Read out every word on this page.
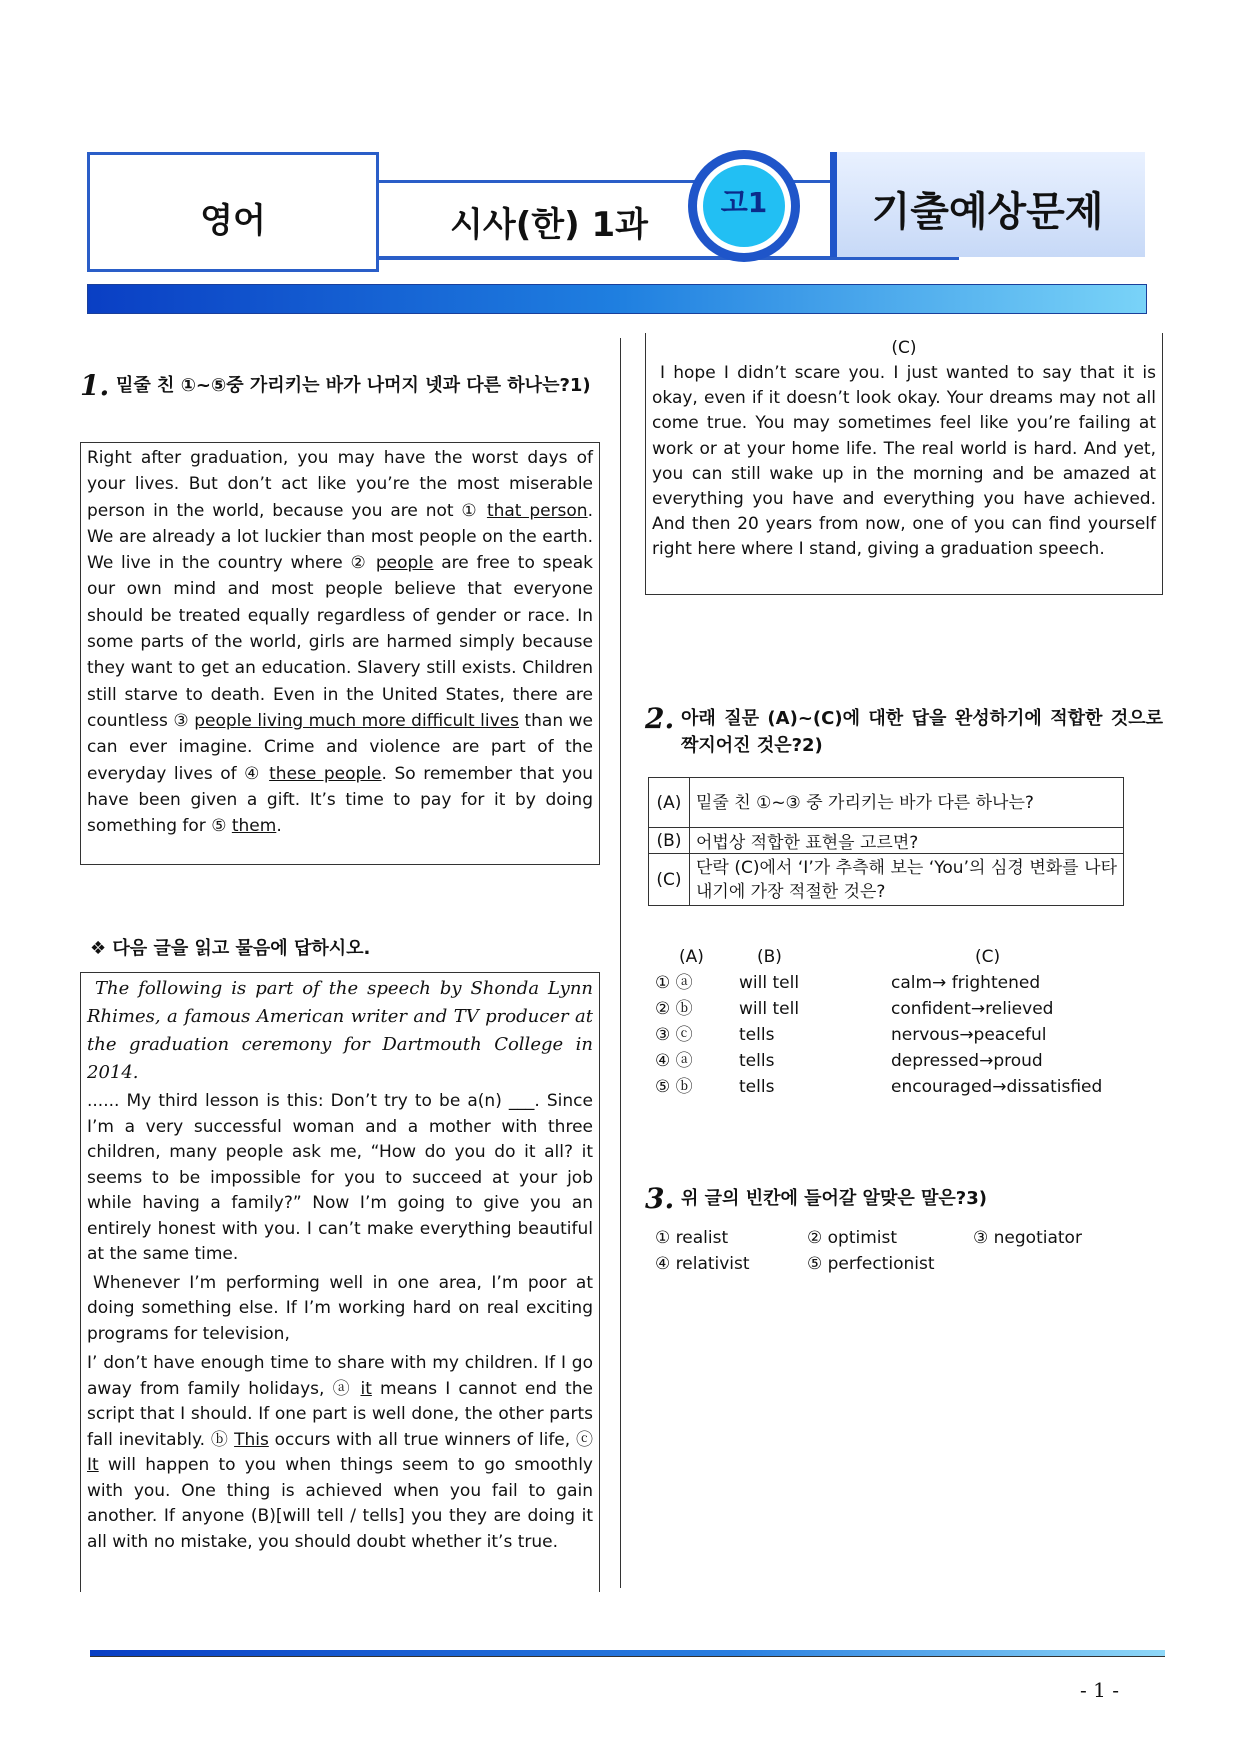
영어	시사(한) 1과
고1	기출예상문제
1. 밑줄 친 ①~⑤중 가리키는 바가 나머지 넷과 다른 하나는?1)

Right after graduation, you may have the worst days of your lives. But don’t act like you’re the most miserable person in the world, because you are not ① that person. We are already a lot luckier than most people on the earth. We live in the country where ② people are free to speak our own mind and most people believe that everyone should be treated equally regardless of gender or race. In some parts of the world, girls are harmed simply because they want to get an education. Slavery still exists. Children still starve to death. Even in the United States, there are countless ③ people living much more difficult lives than we can ever imagine. Crime and violence are part of the everyday lives of ④ these people. So remember that you have been given a gift. It’s time to pay for it by doing something for ⑤ them.

❖ 다음 글을 읽고 물음에 답하시오.

The following is part of the speech by Shonda Lynn Rhimes, a famous American writer and TV producer at the graduation ceremony for Dartmouth College in 2014.

...... My third lesson is this: Don’t try to be a(n) ___. Since I’m a very successful woman and a mother with three children, many people ask me, “How do you do it all? it seems to be impossible for you to succeed at your job while having a family?” Now I’m going to give you an entirely honest with you. I can’t make everything beautiful at the same time.

Whenever I’m performing well in one area, I’m poor at doing something else. If I’m working hard on real exciting programs for television,

I’ don’t have enough time to share with my children. If I go away from family holidays, ⓐ it means I cannot end the script that I should. If one part is well done, the other parts fall inevitably. ⓑ This occurs with all true winners of life, ⓒ It will happen to you when things seem to go smoothly with you. One thing is achieved when you fail to gain another. If anyone (B)[will tell / tells] you they are doing it all with no mistake, you should doubt whether it’s true.

(C)

I hope I didn’t scare you. I just wanted to say that it is okay, even if it doesn’t look okay. Your dreams may not all come true. You may sometimes feel like you’re failing at work or at your home life. The real world is hard. And yet, you can still wake up in the morning and be amazed at everything you have and everything you have achieved. And then 20 years from now, one of you can find yourself right here where I stand, giving a graduation speech.

2. 아래 질문 (A)~(C)에 대한 답을 완성하기에 적합한 것으로 짝지어진 것은?2)
(A)	밑줄 친 ①~③ 중 가리키는 바가 다른 하나는?
(B)	어법상 적합한 표현을 고르면?
(C)	단락 (C)에서 ‘I’가 추측해 보는 ‘You’의 심경 변화를 나타내기에 가장 적절한 것은?
(A)	(B)	(C)
① ⓐ	will tell	calm→ frightened
② ⓑ	will tell	confident→relieved
③ ⓒ	tells	nervous→peaceful
④ ⓐ	tells	depressed→proud
⑤ ⓑ	tells	encouraged→dissatisfied
3. 위 글의 빈칸에 들어갈 알맞은 말은?3)
① realist	② optimist	③ negotiator
④ relativist	⑤ perfectionist
- 1 -
